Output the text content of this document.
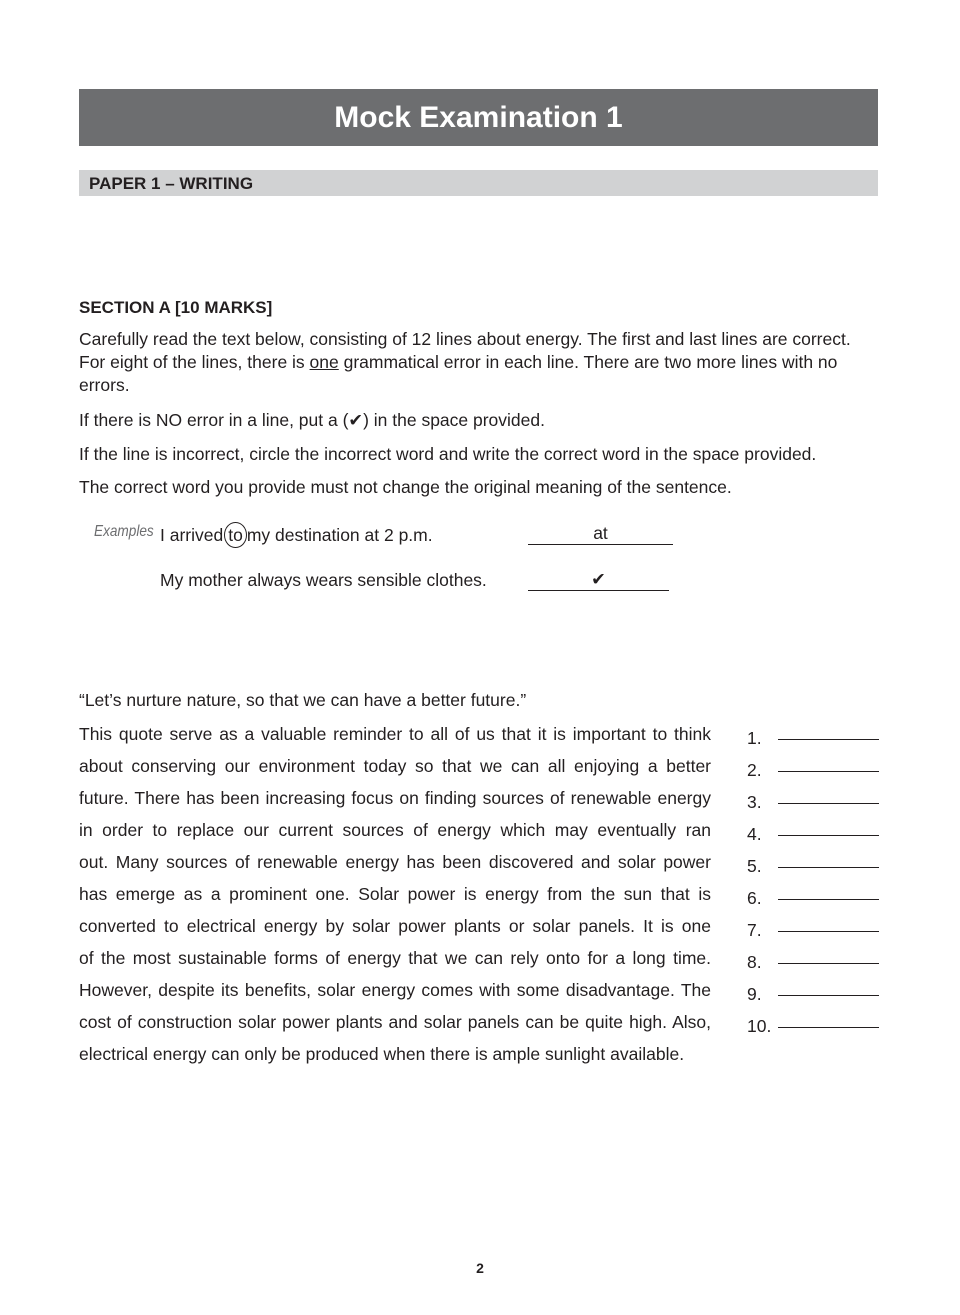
Mock Examination 1
PAPER 1 – WRITING
SECTION A [10 MARKS]
Carefully read the text below, consisting of 12 lines about energy. The first and last lines are correct. For eight of the lines, there is one grammatical error in each line. There are two more lines with no errors.
If there is NO error in a line, put a (✔) in the space provided.
If the line is incorrect, circle the incorrect word and write the correct word in the space provided.
The correct word you provide must not change the original meaning of the sentence.
Examples I arrived to my destination at 2 p.m.	at
My mother always wears sensible clothes.	✔
“Let’s nurture nature, so that we can have a better future.”
This quote serve as a valuable reminder to all of us that it is important to think
about conserving our environment today so that we can all enjoying a better
future. There has been increasing focus on finding sources of renewable energy
in order to replace our current sources of energy which may eventually ran
out. Many sources of renewable energy has been discovered and solar power
has emerge as a prominent one. Solar power is energy from the sun that is
converted to electrical energy by solar power plants or solar panels. It is one
of the most sustainable forms of energy that we can rely onto for a long time.
However, despite its benefits, solar energy comes with some disadvantage. The
cost of construction solar power plants and solar panels can be quite high. Also,
electrical energy can only be produced when there is ample sunlight available.
1.
2.
3.
4.
5.
6.
7.
8.
9.
10.
2
